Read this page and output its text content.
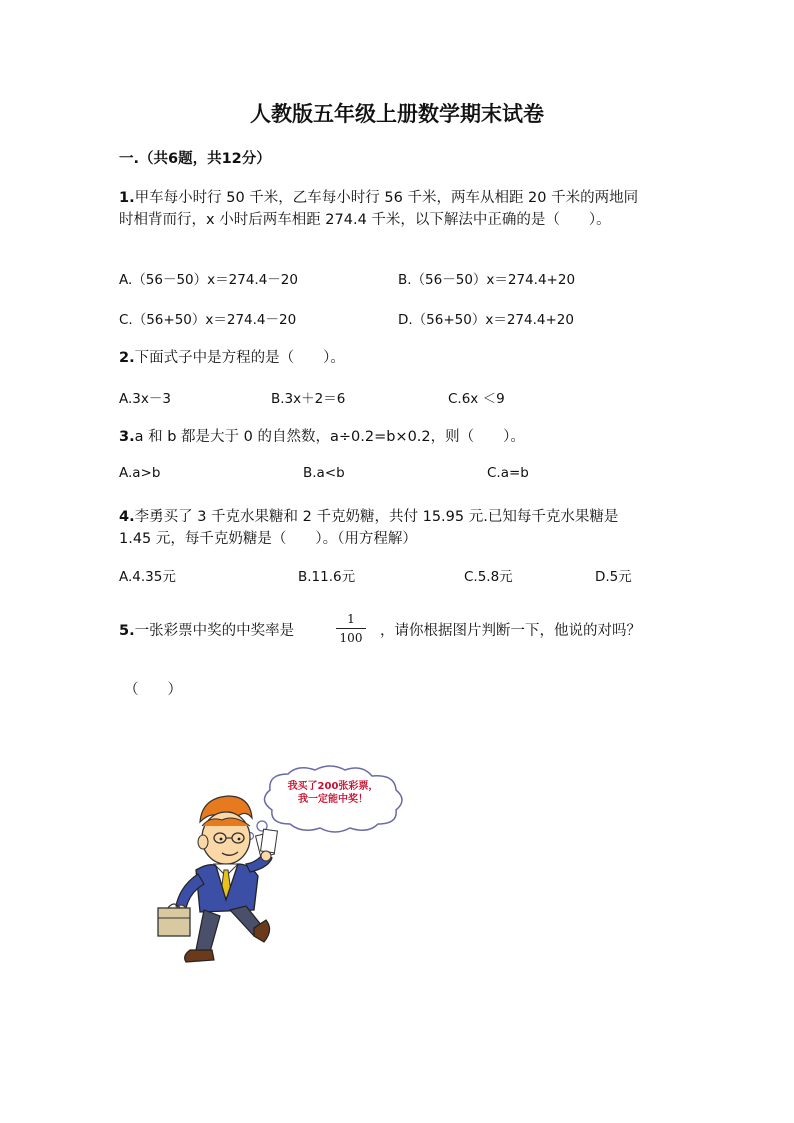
人教版五年级上册数学期末试卷
一.（共6题，共12分）
1.甲车每小时行 50 千米，乙车每小时行 56 千米，两车从相距 20 千米的两地同
时相背而行，x 小时后两车相距 274.4 千米，以下解法中正确的是（　　）。
A.（56－50）x＝274.4－20	B.（56－50）x＝274.4+20
C.（56+50）x＝274.4－20	D.（56+50）x＝274.4+20
2.下面式子中是方程的是（　　）。
A.3x－3	B.3x＋2＝6	C.6x ＜9
3.a 和 b 都是大于 0 的自然数，a÷0.2=b×0.2，则（　　）。
A.a>b	B.a<b	C.a=b
4.李勇买了 3 千克水果糖和 2 千克奶糖，共付 15.95 元.已知每千克水果糖是
1.45 元，每千克奶糖是（　　）。（用方程解）
A.4.35元	B.11.6元	C.5.8元	D.5元
5.一张彩票中奖的中奖率是
1
100 ，请你根据图片判断一下，他说的对吗？
（　　）
我买了200张彩票，
我一定能中奖！
